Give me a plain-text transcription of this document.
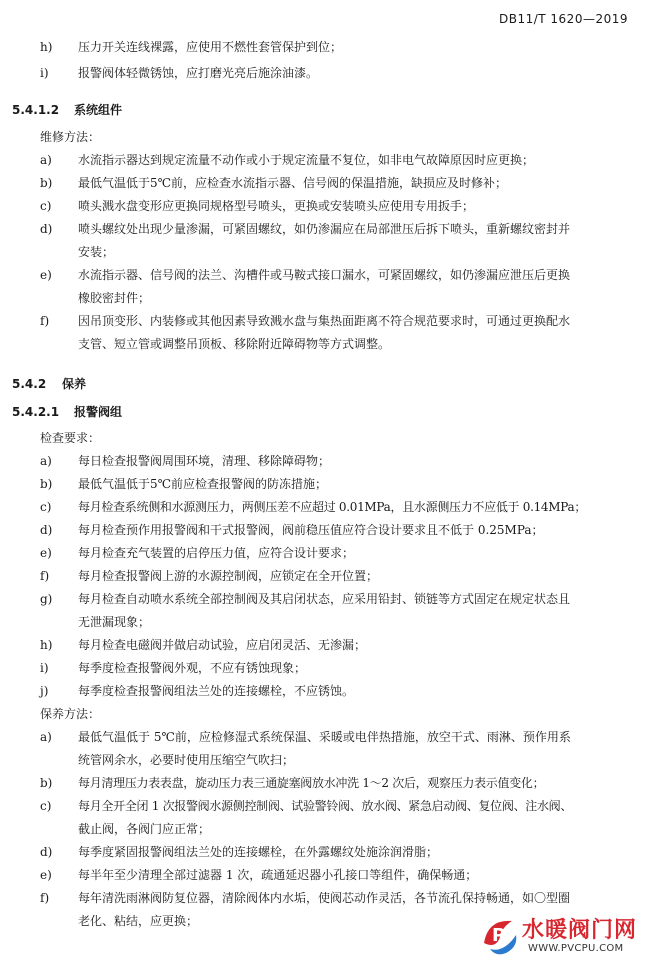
DB11/T 1620—2019
h) 压力开关连线裸露，应使用不燃性套管保护到位；
i) 报警阀体轻微锈蚀，应打磨光亮后施涂油漆。
5.4.1.2 系统组件
维修方法：
a) 水流指示器达到规定流量不动作或小于规定流量不复位，如非电气故障原因时应更换；
b) 最低气温低于5℃前，应检查水流指示器、信号阀的保温措施，缺损应及时修补；
c) 喷头溅水盘变形应更换同规格型号喷头，更换或安装喷头应使用专用扳手；
d) 喷头螺纹处出现少量渗漏，可紧固螺纹，如仍渗漏应在局部泄压后拆下喷头，重新螺纹密封并
安装；
e) 水流指示器、信号阀的法兰、沟槽件或马鞍式接口漏水，可紧固螺纹，如仍渗漏应泄压后更换
橡胶密封件；
f) 因吊顶变形、内装修或其他因素导致溅水盘与集热面距离不符合规范要求时，可通过更换配水
支管、短立管或调整吊顶板、移除附近障碍物等方式调整。
5.4.2 保养
5.4.2.1 报警阀组
检查要求：
a) 每日检查报警阀周围环境，清理、移除障碍物；
b) 最低气温低于5℃前应检查报警阀的防冻措施；
c) 每月检查系统侧和水源测压力，两侧压差不应超过 0.01MPa，且水源侧压力不应低于 0.14MPa；
d) 每月检查预作用报警阀和干式报警阀，阀前稳压值应符合设计要求且不低于 0.25MPa；
e) 每月检查充气装置的启停压力值，应符合设计要求；
f) 每月检查报警阀上游的水源控制阀，应锁定在全开位置；
g) 每月检查自动喷水系统全部控制阀及其启闭状态，应采用铅封、锁链等方式固定在规定状态且
无泄漏现象；
h) 每月检查电磁阀并做启动试验，应启闭灵活、无渗漏；
i) 每季度检查报警阀外观，不应有锈蚀现象；
j) 每季度检查报警阀组法兰处的连接螺栓，不应锈蚀。
保养方法：
a) 最低气温低于 5℃前，应检修湿式系统保温、采暖或电伴热措施，放空干式、雨淋、预作用系
统管网余水，必要时使用压缩空气吹扫；
b) 每月清理压力表表盘，旋动压力表三通旋塞阀放水冲洗 1～2 次后，观察压力表示值变化；
c) 每月全开全闭 1 次报警阀水源侧控制阀、试验警铃阀、放水阀、紧急启动阀、复位阀、注水阀、
截止阀，各阀门应正常；
d) 每季度紧固报警阀组法兰处的连接螺栓，在外露螺纹处施涂润滑脂；
e) 每半年至少清理全部过滤器 1 次，疏通延迟器小孔接口等组件，确保畅通；
f) 每年清洗雨淋阀防复位器，清除阀体内水垢，使阀芯动作灵活，各节流孔保持畅通，如〇型圈
老化、粘结，应更换；
P 水暖阀门网
WWW.PVCPU.COM
